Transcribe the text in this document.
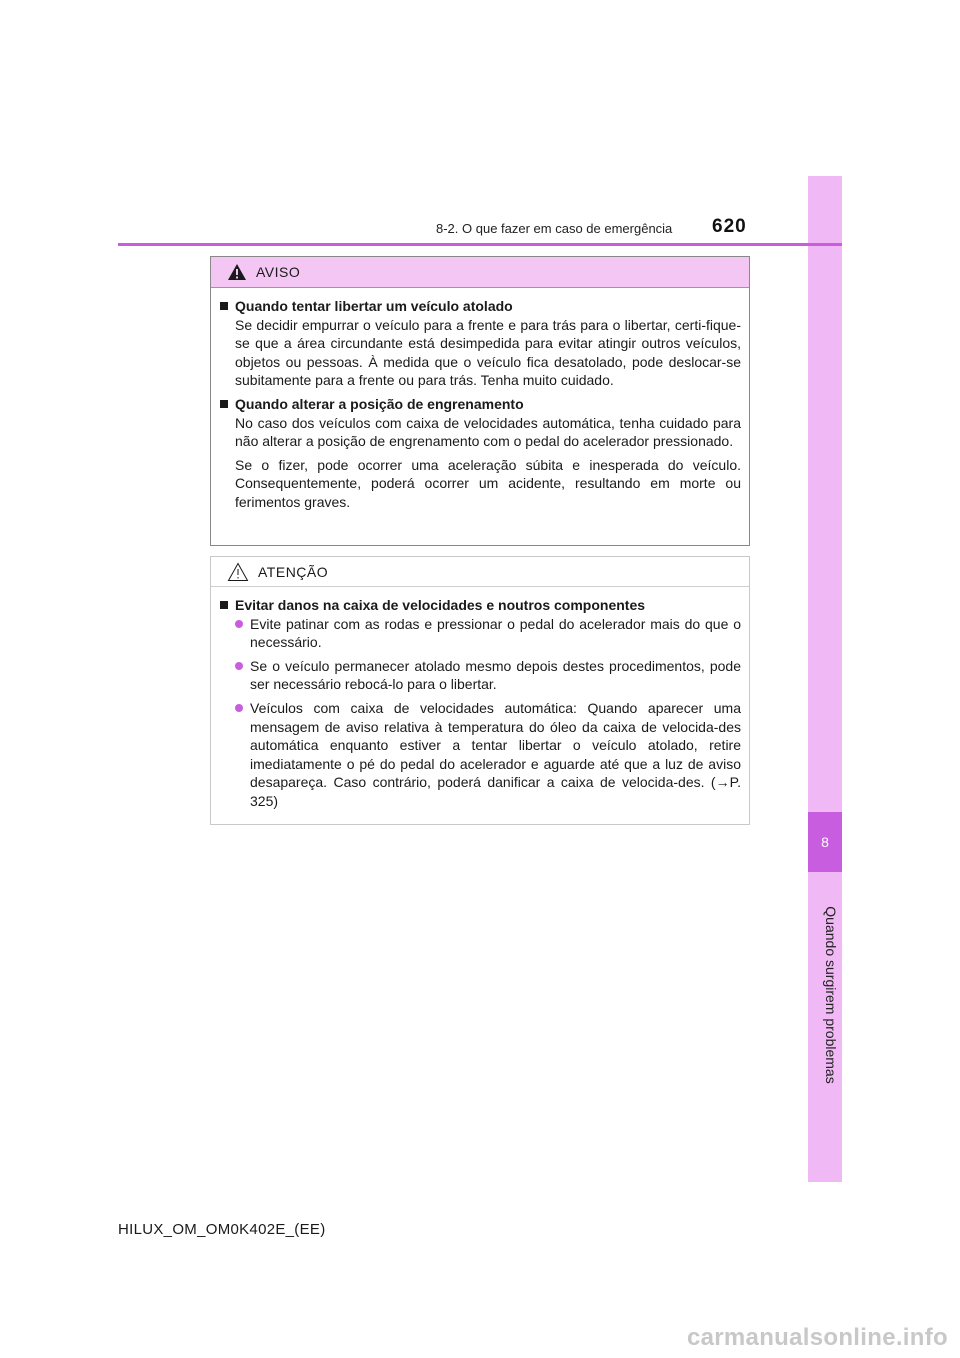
8
Quando surgirem problemas
8-2. O que fazer em caso de emergência 620
AVISO
Quando tentar libertar um veículo atolado

Se decidir empurrar o veículo para a frente e para trás para o libertar, certi-fique-se que a área circundante está desimpedida para evitar atingir outros veículos, objetos ou pessoas. À medida que o veículo fica desatolado, pode deslocar-se subitamente para a frente ou para trás. Tenha muito cuidado.

Quando alterar a posição de engrenamento

No caso dos veículos com caixa de velocidades automática, tenha cuidado para não alterar a posição de engrenamento com o pedal do acelerador pressionado.

Se o fizer, pode ocorrer uma aceleração súbita e inesperada do veículo. Consequentemente, poderá ocorrer um acidente, resultando em morte ou ferimentos graves.

ATENÇÃO
Evitar danos na caixa de velocidades e noutros componentes
Evite patinar com as rodas e pressionar o pedal do acelerador mais do que o necessário.
Se o veículo permanecer atolado mesmo depois destes procedimentos, pode ser necessário rebocá-lo para o libertar.
Veículos com caixa de velocidades automática: Quando aparecer uma mensagem de aviso relativa à temperatura do óleo da caixa de velocida-des automática enquanto estiver a tentar libertar o veículo atolado, retire imediatamente o pé do pedal do acelerador e aguarde até que a luz de aviso desapareça. Caso contrário, poderá danificar a caixa de velocida-des. (→P. 325)
HILUX_OM_OM0K402E_(EE)
carmanualsonline.info
